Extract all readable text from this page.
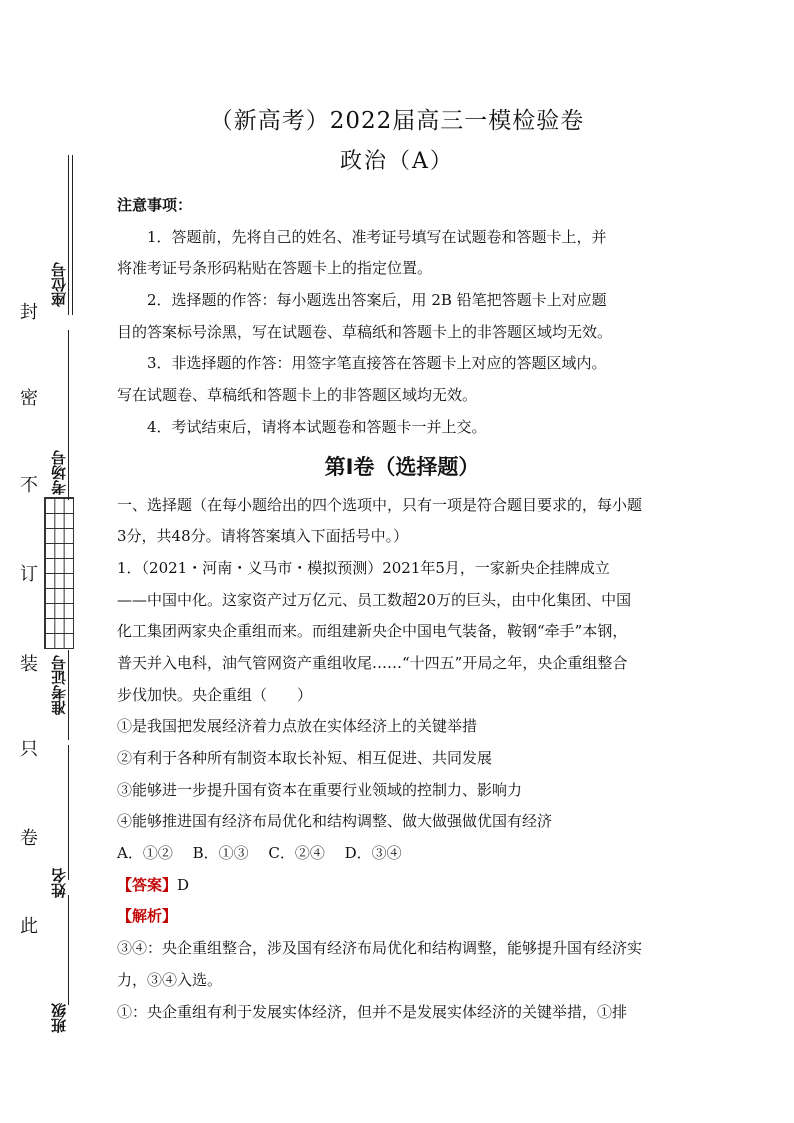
（新高考）2022届高三一模检验卷
政治（A）
注意事项：
1．答题前，先将自己的姓名、准考证号填写在试题卷和答题卡上，并
将准考证号条形码粘贴在答题卡上的指定位置。
2．选择题的作答：每小题选出答案后，用 2B 铅笔把答题卡上对应题
目的答案标号涂黑，写在试题卷、草稿纸和答题卡上的非答题区域均无效。
3．非选择题的作答：用签字笔直接答在答题卡上对应的答题区域内。
写在试题卷、草稿纸和答题卡上的非答题区域均无效。
4．考试结束后，请将本试题卷和答题卡一并上交。
第Ⅰ卷（选择题）
一、选择题（在每小题给出的四个选项中，只有一项是符合题目要求的，每小题
3分，共48分。请将答案填入下面括号中。）
1．（2021・河南・义马市・模拟预测）2021年5月，一家新央企挂牌成立
——中国中化。这家资产过万亿元、员工数超20万的巨头，由中化集团、中国
化工集团两家央企重组而来。而组建新央企中国电气装备，鞍钢“牵手”本钢，
普天并入电科，油气管网资产重组收尾……“十四五”开局之年，央企重组整合
步伐加快。央企重组（　　）
①是我国把发展经济着力点放在实体经济上的关键举措
②有利于各种所有制资本取长补短、相互促进、共同发展
③能够进一步提升国有资本在重要行业领域的控制力、影响力
④能够推进国有经济布局优化和结构调整、做大做强做优国有经济
A．①②　 B．①③　 C．②④　 D．③④
【答案】D
【解析】
③④：央企重组整合，涉及国有经济布局优化和结构调整，能够提升国有经济实
力，③④入选。
①：央企重组有利于发展实体经济，但并不是发展实体经济的关键举措，①排
封
密
不
订
装
只
卷
此
座位号
考场号
准考证号
姓名
班级
